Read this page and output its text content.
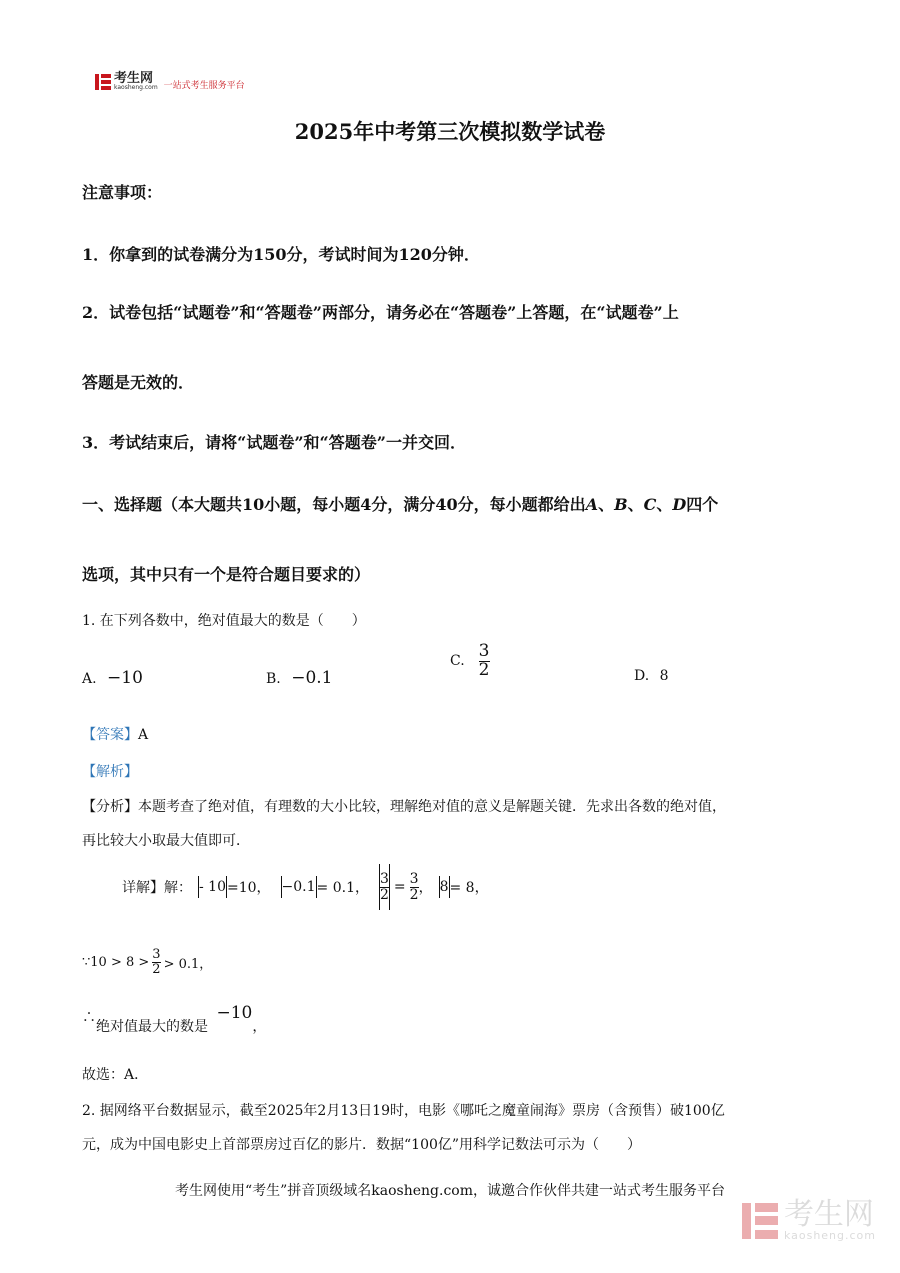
考生网
kaosheng.com 一站式考生服务平台
2025年中考第三次模拟数学试卷
注意事项：
1．你拿到的试卷满分为150分，考试时间为120分钟．
2．试卷包括“试题卷”和“答题卷”两部分，请务必在“答题卷”上答题，在“试题卷”上
答题是无效的．
3．考试结束后，请将“试题卷”和“答题卷”一并交回．
一、选择题（本大题共10小题，每小题4分，满分40分，每小题都给出A、B、C、D四个
选项，其中只有一个是符合题目要求的）
1. 在下列各数中，绝对值最大的数是（　　）
A. −10	B. −0.1
C. $\frac{3}{2}$	D. 8
【答案】A
【解析】
【分析】本题考查了绝对值，有理数的大小比较，理解绝对值的意义是解题关键．先求出各数的绝对值，
再比较大小取最大值即可．
详解】解： - 10 =10， −0.1 = 0.1， $\frac{3}{2} = \frac{3}{2}$ ， 8 = 8，
∵10 > $8 > \frac{3}{2} > 0.1$，
∴绝对值最大的数是 −10，
故选：A．
2. 据网络平台数据显示，截至2025年2月13日19时，电影《哪吒之魔童闹海》票房（含预售）破100亿
元，成为中国电影史上首部票房过百亿的影片．数据“100亿”用科学记数法可示为（　　）
考生网使用“考生”拼音顶级域名kaosheng.com，诚邀合作伙伴共建一站式考生服务平台
考生网
kaosheng.com
